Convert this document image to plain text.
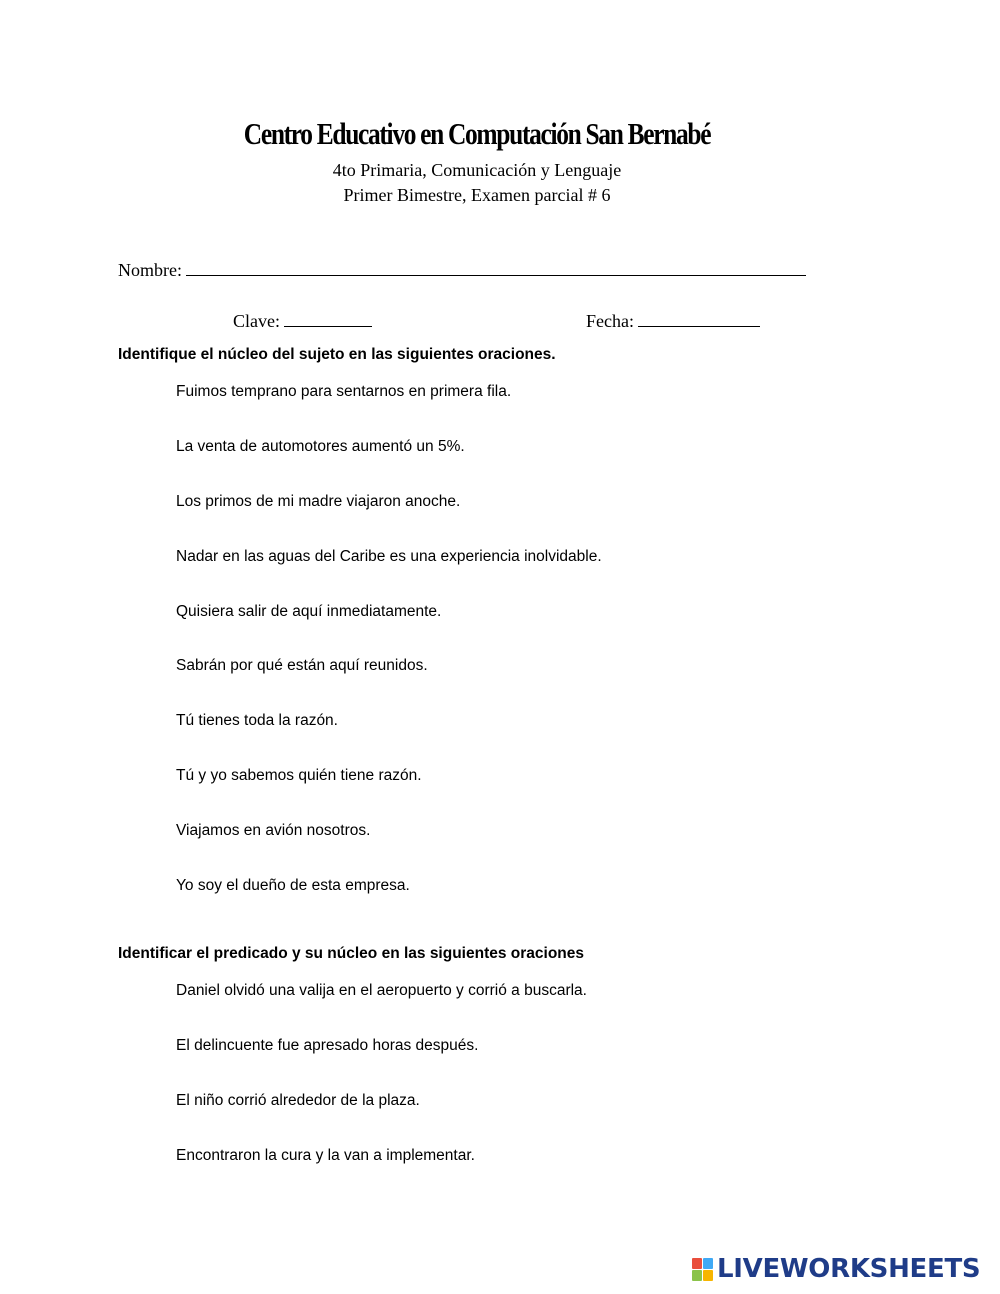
Centro Educativo en Computación San Bernabé
4to Primaria, Comunicación y Lenguaje
Primer Bimestre, Examen parcial # 6
Nombre:
Clave:	Fecha:
Identifique el núcleo del sujeto en las siguientes oraciones.
Fuimos temprano para sentarnos en primera fila.
La venta de automotores aumentó un 5%.
Los primos de mi madre viajaron anoche.
Nadar en las aguas del Caribe es una experiencia inolvidable.
Quisiera salir de aquí inmediatamente.
Sabrán por qué están aquí reunidos.
Tú tienes toda la razón.
Tú y yo sabemos quién tiene razón.
Viajamos en avión nosotros.
Yo soy el dueño de esta empresa.
Identificar el predicado y su núcleo en las siguientes oraciones
Daniel olvidó una valija en el aeropuerto y corrió a buscarla.
El delincuente fue apresado horas después.
El niño corrió alrededor de la plaza.
Encontraron la cura y la van a implementar.
LIVEWORKSHEETS
